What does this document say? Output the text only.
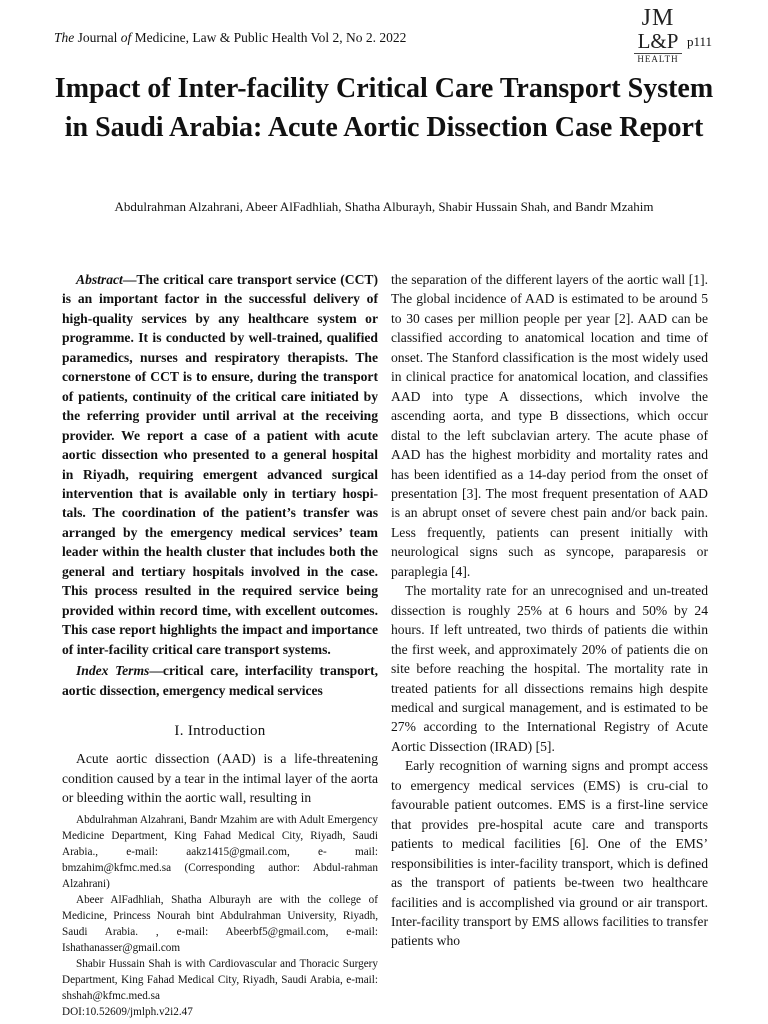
The Journal of Medicine, Law & Public Health Vol 2, No 2. 2022
JM
L&P
HEALTH
p111
Impact of Inter-facility Critical Care Transport System in Saudi Arabia: Acute Aortic Dissection Case Report
Abdulrahman Alzahrani, Abeer AlFadhliah, Shatha Alburayh, Shabir Hussain Shah, and Bandr Mzahim

Abstract—The critical care transport service (CCT) is an important factor in the successful delivery of high-quality services by any healthcare system or programme. It is conducted by well-trained, qualified paramedics, nurses and respiratory therapists. The cornerstone of CCT is to ensure, during the transport of patients, continuity of the critical care initiated by the referring provider until arrival at the receiving provider. We report a case of a patient with acute aortic dissection who presented to a general hospital in Riyadh, requiring emergent advanced surgical intervention that is available only in tertiary hospi-tals. The coordination of the patient’s transfer was arranged by the emergency medical services’ team leader within the health cluster that includes both the general and tertiary hospitals involved in the case. This process resulted in the required service being provided within record time, with excellent outcomes. This case report highlights the impact and importance of inter-facility critical care transport systems.

Index Terms—critical care, interfacility transport, aortic dissection, emergency medical services

I. Introduction

Acute aortic dissection (AAD) is a life-threatening condition caused by a tear in the intimal layer of the aorta or bleeding within the aortic wall, resulting in

Abdulrahman Alzahrani, Bandr Mzahim are with Adult Emergency Medicine Department, King Fahad Medical City, Riyadh, Saudi Arabia., e-mail: aakz1415@gmail.com, e- mail: bmzahim@kfmc.med.sa (Corresponding author: Abdul-rahman Alzahrani)

Abeer AlFadhliah, Shatha Alburayh are with the college of Medicine, Princess Nourah bint Abdulrahman University, Riyadh, Saudi Arabia. , e-mail: Abeerbf5@gmail.com, e-mail: Ishathanasser@gmail.com

Shabir Hussain Shah is with Cardiovascular and Thoracic Surgery Department, King Fahad Medical City, Riyadh, Saudi Arabia, e-mail: shshah@kfmc.med.sa

DOI:10.52609/jmlph.v2i2.47

the separation of the different layers of the aortic wall [1]. The global incidence of AAD is estimated to be around 5 to 30 cases per million people per year [2]. AAD can be classified according to anatomical location and time of onset. The Stanford classification is the most widely used in clinical practice for anatomical location, and classifies AAD into type A dissections, which involve the ascending aorta, and type B dissections, which occur distal to the left subclavian artery. The acute phase of AAD has the highest morbidity and mortality rates and has been identified as a 14-day period from the onset of presentation [3]. The most frequent presentation of AAD is an abrupt onset of severe chest pain and/or back pain. Less frequently, patients can present initially with neurological signs such as syncope, paraparesis or paraplegia [4].

The mortality rate for an unrecognised and un-treated dissection is roughly 25% at 6 hours and 50% by 24 hours. If left untreated, two thirds of patients die within the first week, and approximately 20% of patients die on site before reaching the hospital. The mortality rate in treated patients for all dissections remains high despite medical and surgical management, and is estimated to be 27% according to the International Registry of Acute Aortic Dissection (IRAD) [5].

Early recognition of warning signs and prompt access to emergency medical services (EMS) is cru-cial to favourable patient outcomes. EMS is a first-line service that provides pre-hospital acute care and transports patients to medical facilities [6]. One of the EMS’ responsibilities is inter-facility transport, which is defined as the transport of patients be-tween two healthcare facilities and is accomplished via ground or air transport. Inter-facility transport by EMS allows facilities to transfer patients who
